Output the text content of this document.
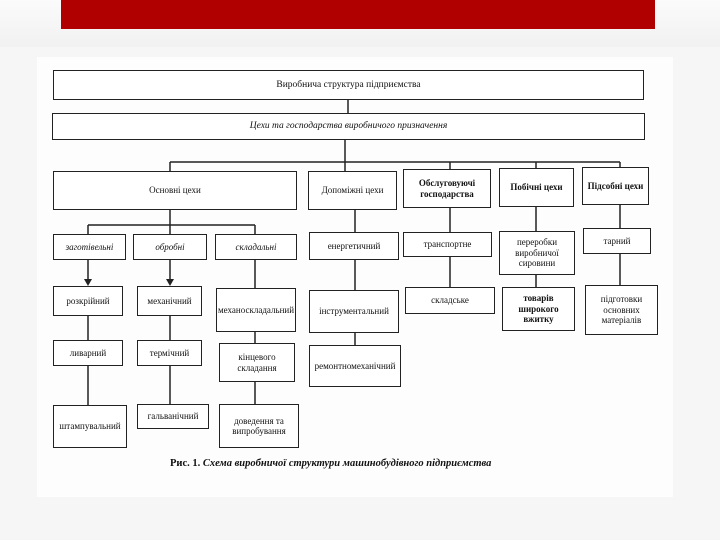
Виробнича структура підприємства
Цехи та господарства виробничого призначення
Основні цехи	Допоміжні цехи
Обслуговуючі господарства
Побічні цехи	Підсобні цехи
заготівельні	обробні	складальні
розкрійний
ливарний
штампувальний
механічний
термічний
гальванічний
механоскладальний
кінцевого складання
доведення та випробування
енергетичний
інструментальний
ремонтномеханічний
транспортне
складське
переробки виробничої сировини
товарів широкого вжитку
тарний
підготовки основних матеріалів
Рис. 1. Схема виробничої структури машинобудівного підприємства
